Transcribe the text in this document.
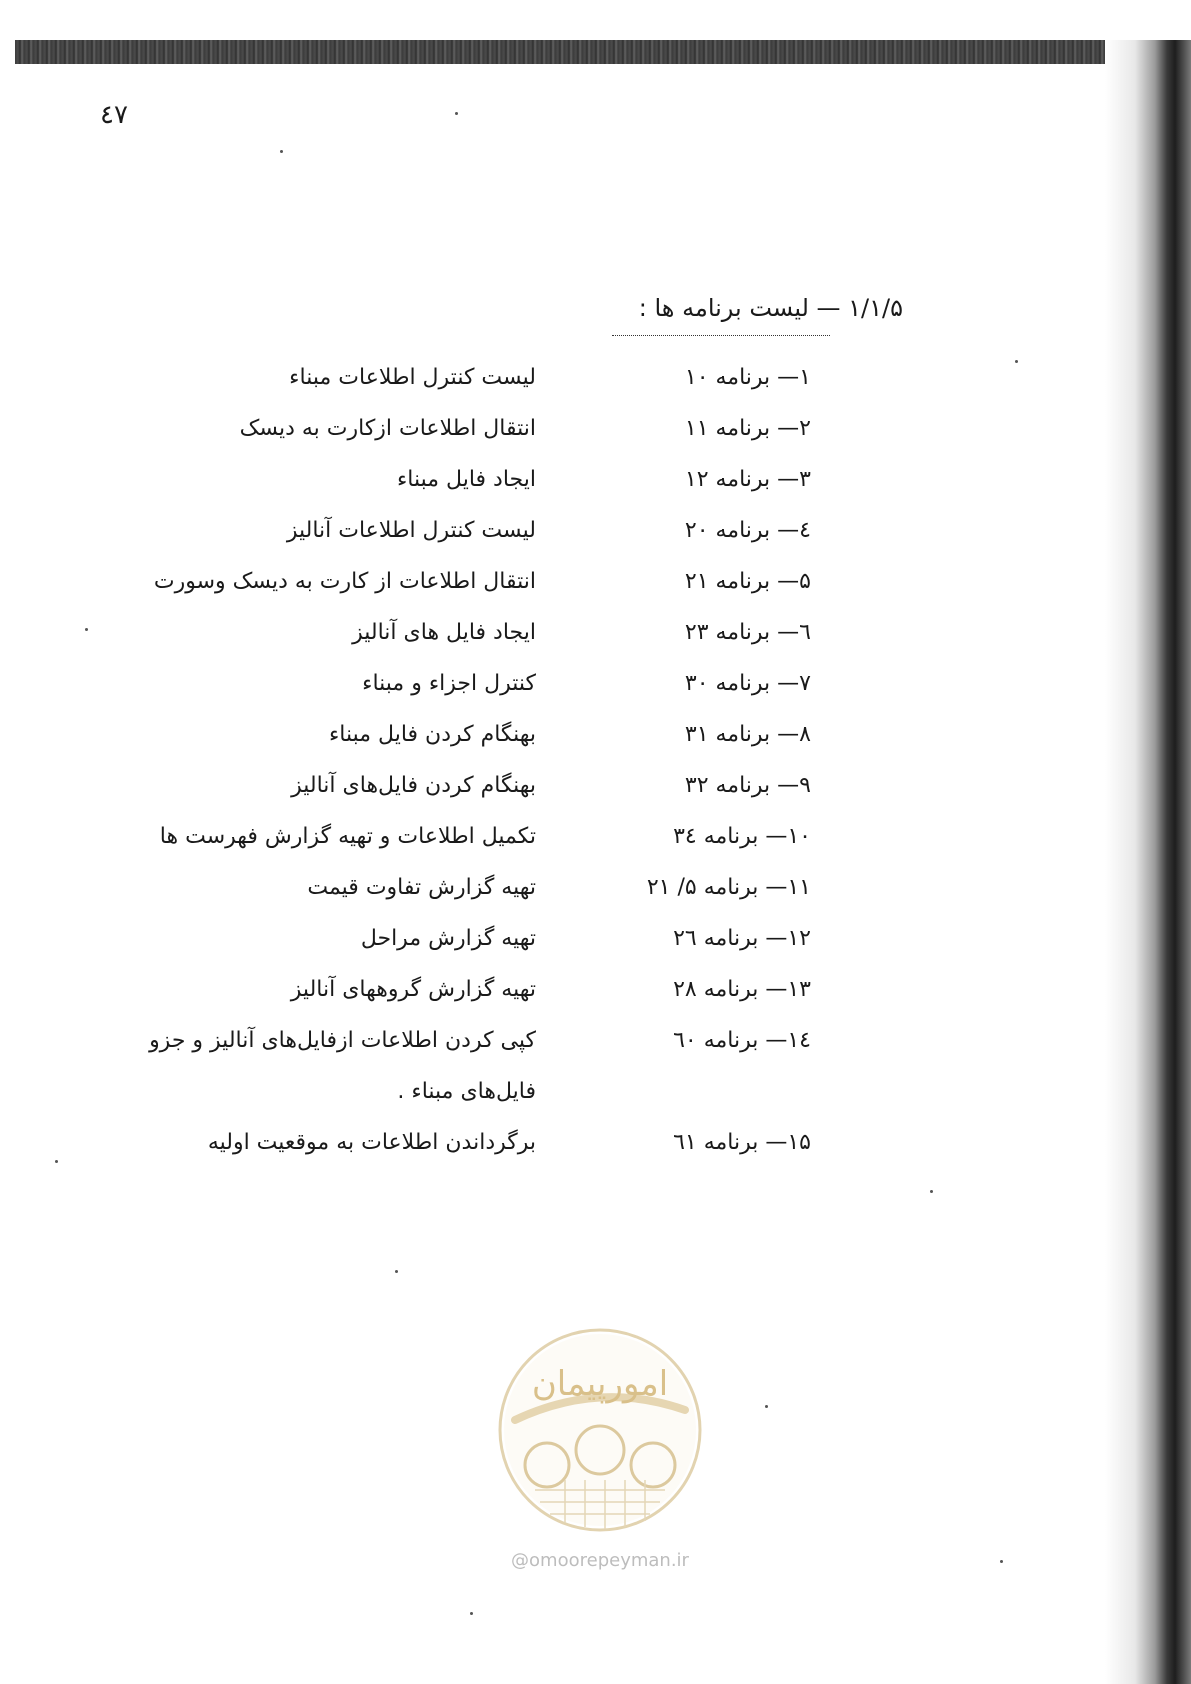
٤٧
۱/۱/۵ — لیست برنامه ها :
۱— برنامه ۱۰
لیست کنترل اطلاعات مبناء
۲— برنامه ۱۱
انتقال اطلاعات ازکارت به دیسک
۳— برنامه ۱۲
ایجاد فایل مبناء
٤— برنامه ۲۰
لیست کنترل اطلاعات آنالیز
۵— برنامه ۲۱
انتقال اطلاعات از کارت به دیسک وسورت
٦— برنامه ۲۳
ایجاد فایل های آنالیز
۷— برنامه ۳۰
کنترل اجزاء و مبناء
۸— برنامه ۳۱
بهنگام کردن فایل مبناء
۹— برنامه ۳۲
بهنگام کردن فایل‌های آنالیز
۱۰— برنامه ۳٤
تکمیل اطلاعات و تهیه گزارش فهرست ها
۱۱— برنامه ۵/ ۲۱
تهیه گزارش تفاوت قیمت
۱۲— برنامه ۲٦
تهیه گزارش مراحل
۱۳— برنامه ۲۸
تهیه گزارش گروههای آنالیز
۱٤— برنامه ٦۰
کپی کردن اطلاعات ازفایل‌های آنالیز و جزو
فایل‌های مبناء .
۱۵— برنامه ٦۱
برگرداندن اطلاعات به موقعیت اولیه
امورپیمان
@omoorepeyman.ir
